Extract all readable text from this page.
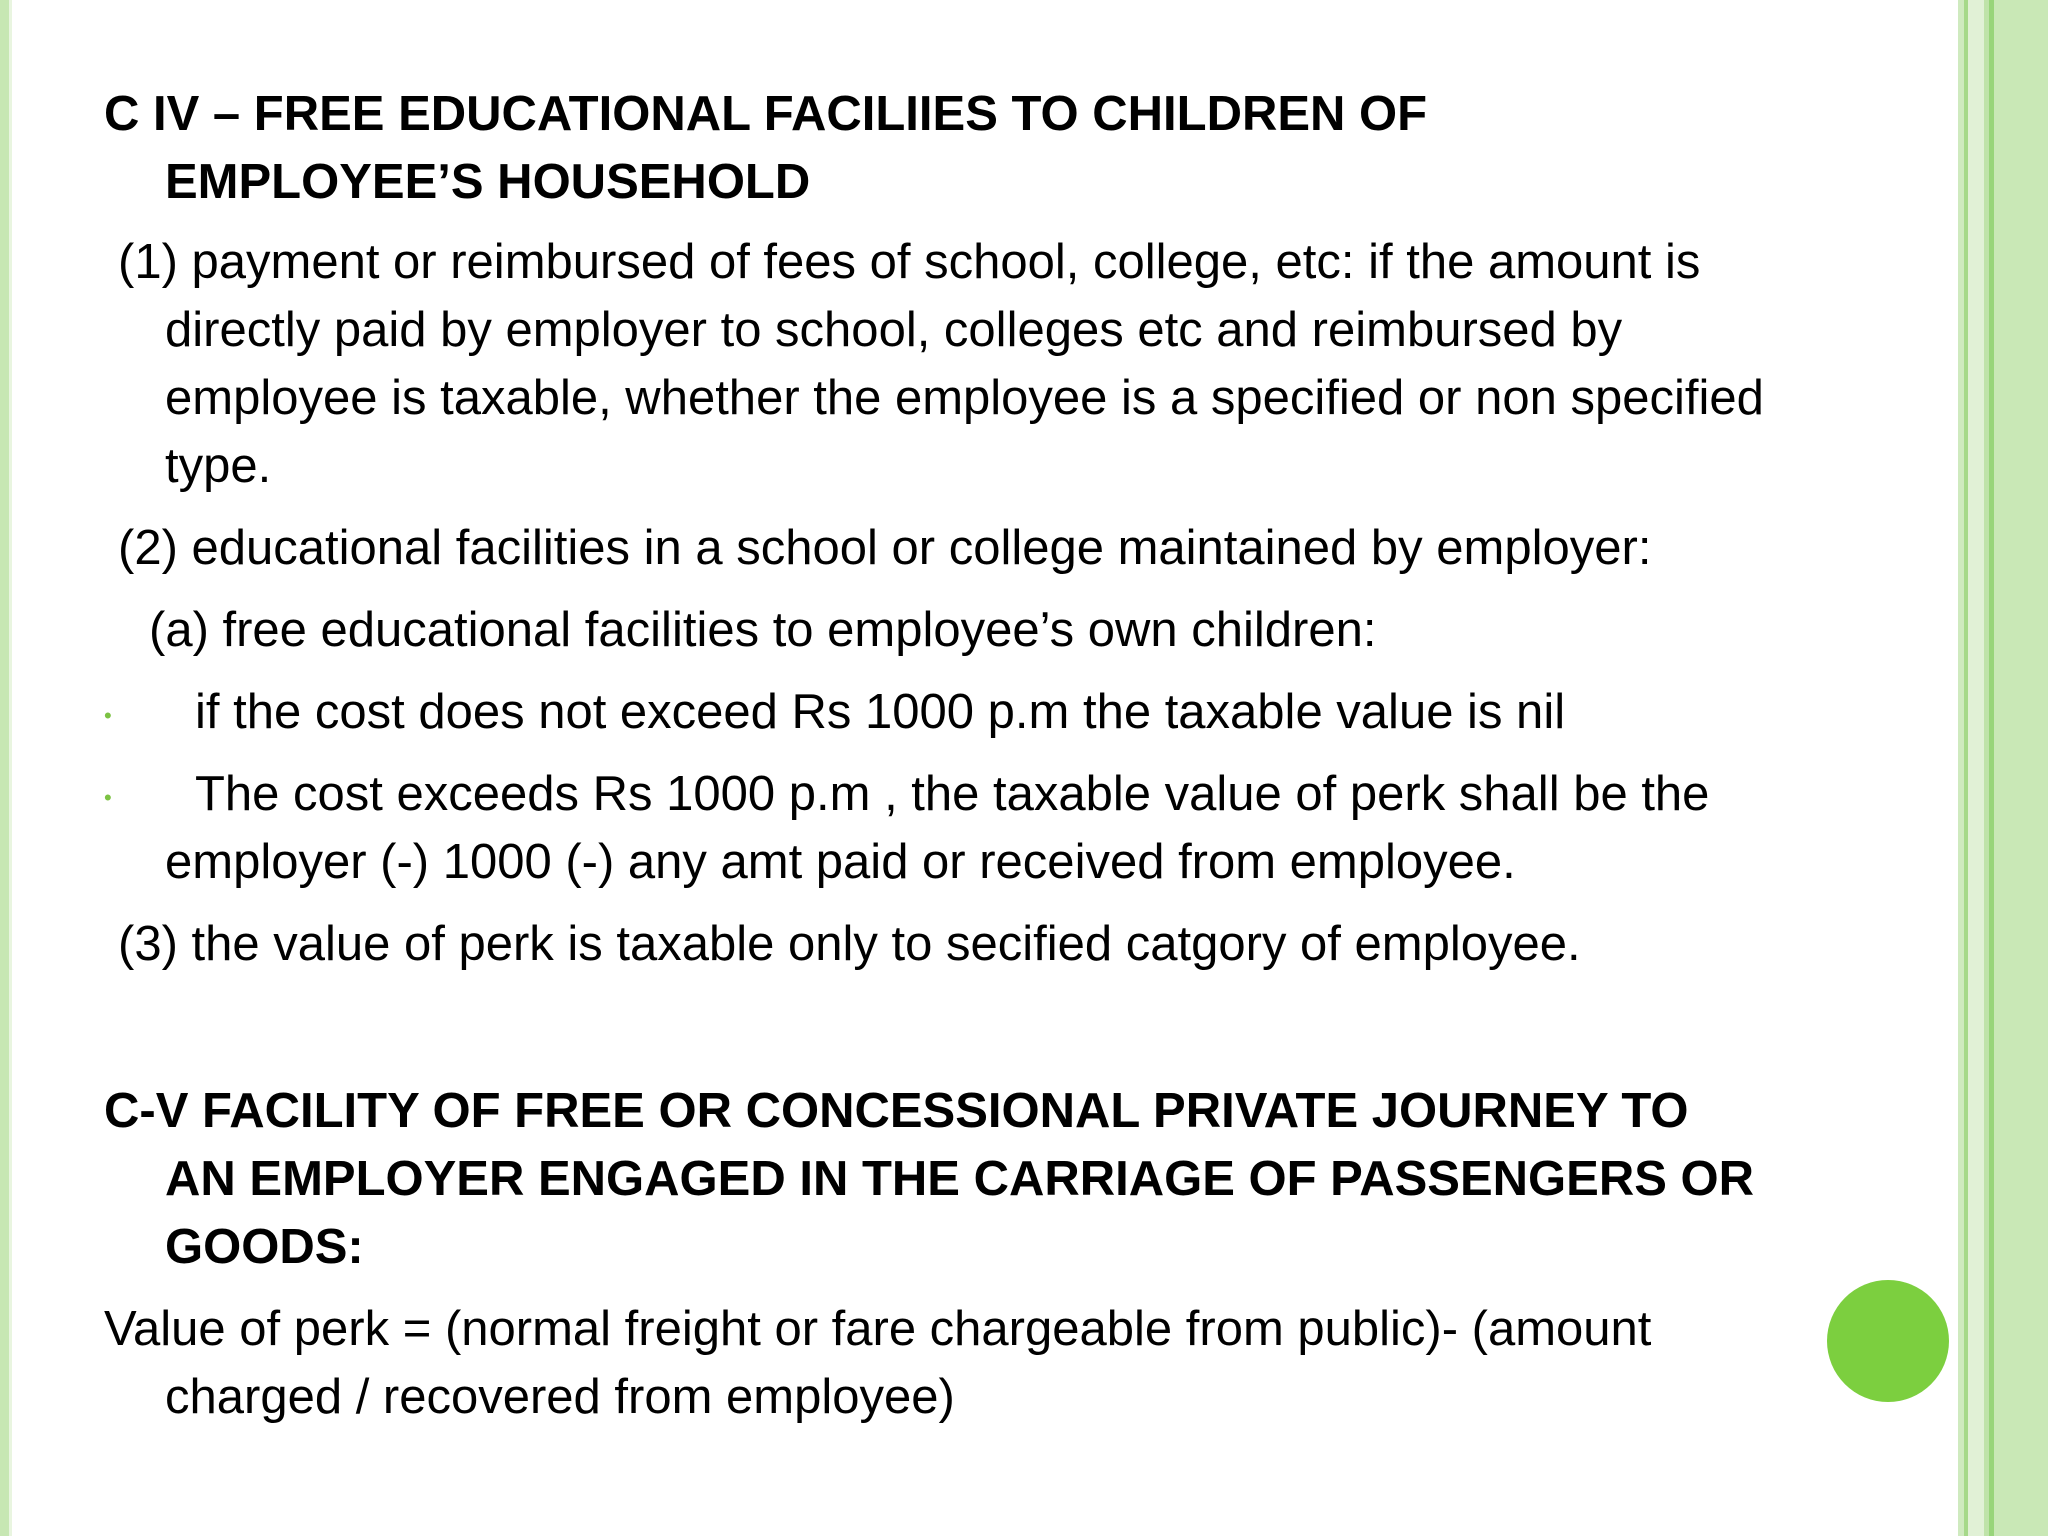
C IV – FREE EDUCATIONAL FACILIIES TO CHILDREN OF
EMPLOYEE’S HOUSEHOLD
(1) payment or reimbursed of fees of school, college, etc: if the amount is
directly paid by employer to school, colleges etc and reimbursed by
employee is taxable, whether the employee is a specified or non specified
type.
(2) educational facilities in a school or college maintained by employer:
(a) free educational facilities to employee’s own children:
• if the cost does not exceed Rs 1000 p.m the taxable value is nil
• The cost exceeds Rs 1000 p.m , the taxable value of perk shall be the
employer (-) 1000 (-) any amt paid or received from employee.
(3) the value of perk is taxable only to secified catgory of employee.
C-V FACILITY OF FREE OR CONCESSIONAL PRIVATE JOURNEY TO
AN EMPLOYER ENGAGED IN THE CARRIAGE OF PASSENGERS OR
GOODS:
Value of perk = (normal freight or fare chargeable from public)- (amount
charged / recovered from employee)
